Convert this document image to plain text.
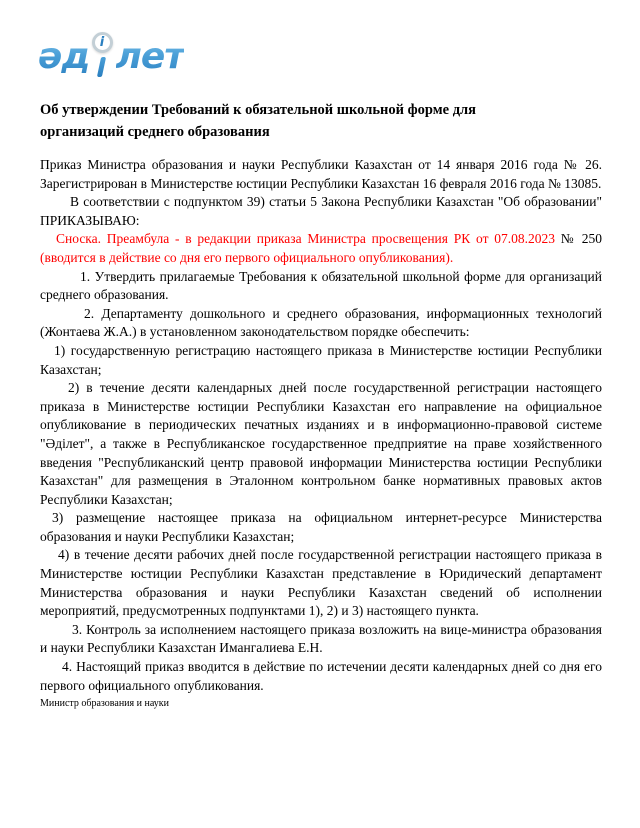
әд i лет
Об утверждении Требований к обязательной школьной форме для организаций среднего образования

Приказ Министра образования и науки Республики Казахстан от 14 января 2016 года № 26. Зарегистрирован в Министерстве юстиции Республики Казахстан 16 февраля 2016 года № 13085.

В соответствии с подпунктом 39) статьи 5 Закона Республики Казахстан "Об образовании" ПРИКАЗЫВАЮ:

Сноска. Преамбула - в редакции приказа Министра просвещения РК от 07.08.2023 № 250 (вводится в действие со дня его первого официального опубликования).

1. Утвердить прилагаемые Требования к обязательной школьной форме для организаций среднего образования.

2. Департаменту дошкольного и среднего образования, информационных технологий (Жонтаева Ж.А.) в установленном законодательством порядке обеспечить:

1) государственную регистрацию настоящего приказа в Министерстве юстиции Республики Казахстан;

2) в течение десяти календарных дней после государственной регистрации настоящего приказа в Министерстве юстиции Республики Казахстан его направление на официальное опубликование в периодических печатных изданиях и в информационно-правовой системе "Әділет", а также в Республиканское государственное предприятие на праве хозяйственного введения "Республиканский центр правовой информации Министерства юстиции Республики Казахстан" для размещения в Эталонном контрольном банке нормативных правовых актов Республики Казахстан;

3) размещение настоящее приказа на официальном интернет-ресурсе Министерства образования и науки Республики Казахстан;

4) в течение десяти рабочих дней после государственной регистрации настоящего приказа в Министерстве юстиции Республики Казахстан представление в Юридический департамент Министерства образования и науки Республики Казахстан сведений об исполнении мероприятий, предусмотренных подпунктами 1), 2) и 3) настоящего пункта.

3. Контроль за исполнением настоящего приказа возложить на вице-министра образования и науки Республики Казахстан Имангалиева Е.Н.

4. Настоящий приказ вводится в действие по истечении десяти календарных дней со дня его первого официального опубликования.

Министр образования и науки
